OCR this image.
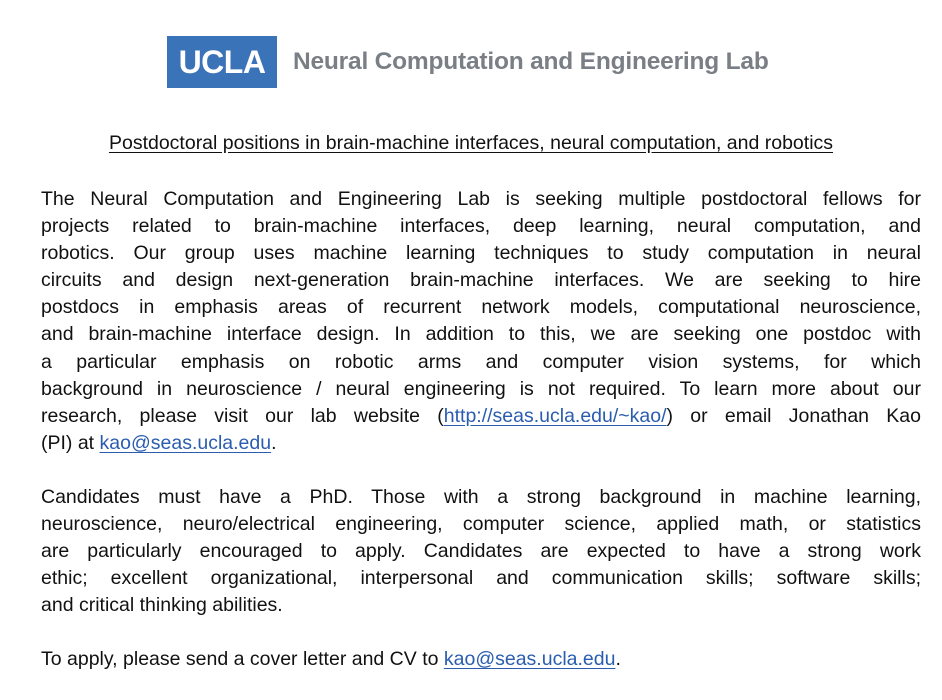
UCLA Neural Computation and Engineering Lab
Postdoctoral positions in brain-machine interfaces, neural computation, and robotics
The Neural Computation and Engineering Lab is seeking multiple postdoctoral fellows for
projects related to brain-machine interfaces, deep learning, neural computation, and
robotics. Our group uses machine learning techniques to study computation in neural
circuits and design next-generation brain-machine interfaces. We are seeking to hire
postdocs in emphasis areas of recurrent network models, computational neuroscience,
and brain-machine interface design. In addition to this, we are seeking one postdoc with
a particular emphasis on robotic arms and computer vision systems, for which
background in neuroscience / neural engineering is not required. To learn more about our
research, please visit our lab website (http://seas.ucla.edu/~kao/) or email Jonathan Kao
(PI) at kao@seas.ucla.edu.
Candidates must have a PhD. Those with a strong background in machine learning,
neuroscience, neuro/electrical engineering, computer science, applied math, or statistics
are particularly encouraged to apply. Candidates are expected to have a strong work
ethic; excellent organizational, interpersonal and communication skills; software skills;
and critical thinking abilities.
To apply, please send a cover letter and CV to kao@seas.ucla.edu.
